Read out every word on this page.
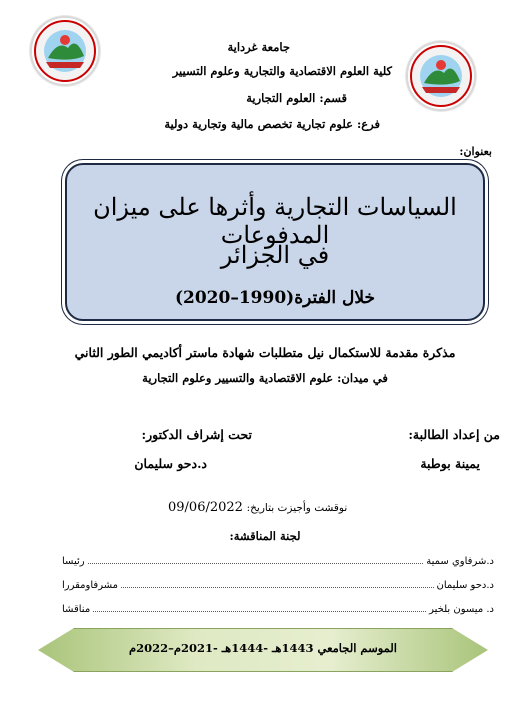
جامعة غرداية
كلية العلوم الاقتصادية والتجارية وعلوم التسيير
قسم: العلوم التجارية
فرع: علوم تجارية تخصص مالية وتجارية دولية
بعنوان:
السياسات التجارية وأثرها على ميزان المدفوعات
في الجزائر
خلال الفترة(1990–2020)
مذكرة مقدمة للاستكمال نيل متطلبات شهادة ماستر أكاديمي الطور الثاني
في ميدان: علوم الاقتصادية والتسيير وعلوم التجارية
من إعداد الطالبة:
يمينة بوطبة
تحت إشراف الدكتور:
د.دحو سليمان
نوقشت وأجيزت بتاريخ: 09/06/2022
لجنة المناقشة:
د.شرفاوي سمية
رئيسا
د.دحو سليمان
مشرفاومقررا
د. ميسون بلخير
مناقشا
الموسم الجامعي 1443هـ -1444هـ -2021م–2022م
